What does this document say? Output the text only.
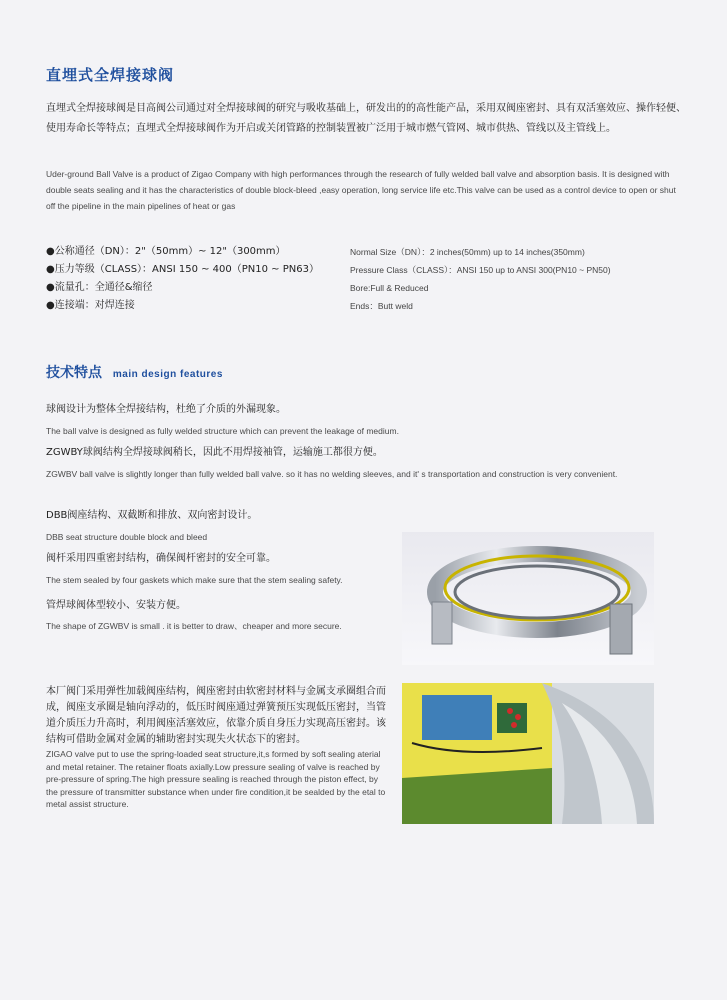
直埋式全焊接球阀
直埋式全焊接球阀是目高阀公司通过对全焊接球阀的研究与吸收基础上，研发出的的高性能产品，采用双阀座密封、具有双活塞效应、操作轻便、使用寿命长等特点；直埋式全焊接球阀作为开启或关闭管路的控制装置被广泛用于城市燃气管网、城市供热、管线以及主管线上。
Uder-ground Ball Valve is a product of Zigao Company with high performances through the research of fully welded ball valve and absorption basis. It is designed with double seats sealing and it has the characteristics of double block-bleed ,easy operation, long service life etc.This valve can be used as a control device to open or shut off the pipeline in the main pipelines of heat or gas
●公称通径（DN）：2"（50mm）~ 12"（300mm）
●压力等级（CLASS）：ANSI 150 ~ 400（PN10 ~ PN63）
●流量孔：全通径&缩径
●连接端：对焊连接
Normal Size（DN）：2 inches(50mm) up to 14 inches(350mm)
Pressure Class（CLASS）：ANSI 150 up to ANSI 300(PN10 ~ PN50)
Bore:Full & Reduced
Ends：Butt weld
技术特点 main design features
球阀设计为整体全焊接结构，杜绝了介质的外漏现象。
The ball valve is designed as fully welded structure which can prevent the leakage of medium.
ZGWBY球阀结构全焊接球阀稍长，因此不用焊接袖管，运输施工都很方便。
ZGWBV ball valve is slightly longer than fully welded ball valve. so it has no welding sleeves, and it' s transportation and construction is very convenient.
DBB阀座结构、双截断和排放、双向密封设计。
DBB seat structure double block and bleed
阀杆采用四重密封结构，确保阀杆密封的安全可靠。
The stem sealed by four gaskets which make sure that the stem sealing safety.
管焊球阀体型较小、安装方便。
The shape of ZGWBV is small . it is better to draw、cheaper and more secure.
本厂阀门采用弹性加载阀座结构，阀座密封由软密封材料与金属支承圈组合而成，阀座支承圈是轴向浮动的，低压时阀座通过弹簧预压实现低压密封，当管道介质压力升高时，利用阀座活塞效应，依靠介质自身压力实现高压密封。该结构可借助金属对金属的辅助密封实现失火状态下的密封。
ZIGAO valve put to use the spring-loaded seat structure,it,s formed by soft sealing aterial and metal retainer. The retainer floats axially.Low pressure sealing of valve is reached by pre-pressure of spring.The high pressure sealing is reached through the piston effect, by the pressure of transmitter substance when under fire condition,it be sealded by the etal to metal assist structure.
